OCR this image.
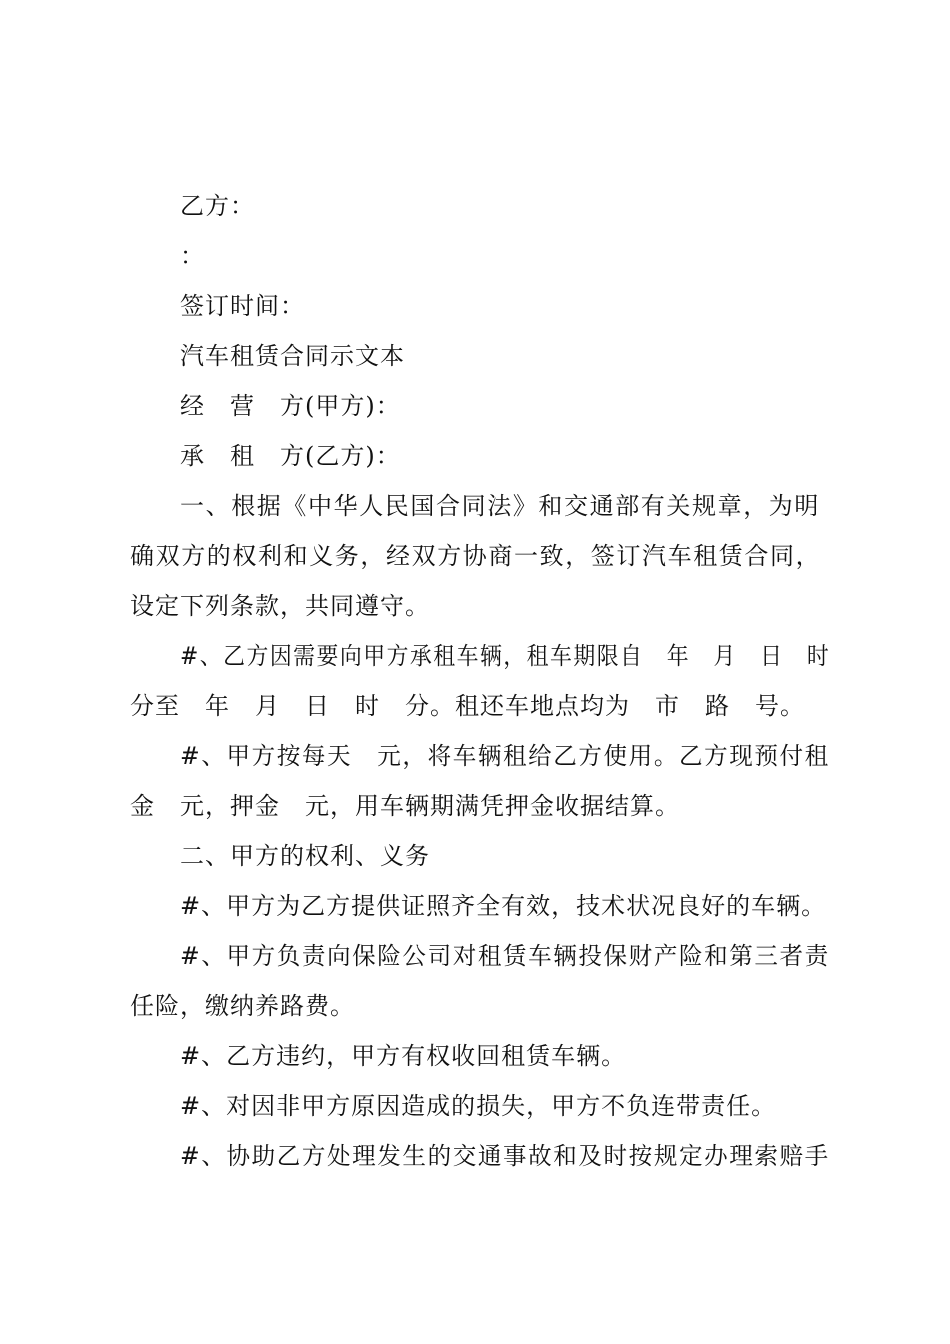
乙方：
：
签订时间：
汽车租赁合同示文本
经　营　方(甲方)：
承　租　方(乙方)：
一、根据《中华人民国合同法》和交通部有关规章，为明
确双方的权利和义务，经双方协商一致，签订汽车租赁合同，
设定下列条款，共同遵守。
#、乙方因需要向甲方承租车辆，租车期限自　年　月　日　时
分至　年　月　日　时　分。租还车地点均为　市　路　号。
#、甲方按每天　元，将车辆租给乙方使用。乙方现预付租
金　元，押金　元，用车辆期满凭押金收据结算。
二、甲方的权利、义务
#、甲方为乙方提供证照齐全有效，技术状况良好的车辆。
#、甲方负责向保险公司对租赁车辆投保财产险和第三者责
任险，缴纳养路费。
#、乙方违约，甲方有权收回租赁车辆。
#、对因非甲方原因造成的损失，甲方不负连带责任。
#、协助乙方处理发生的交通事故和及时按规定办理索赔手
